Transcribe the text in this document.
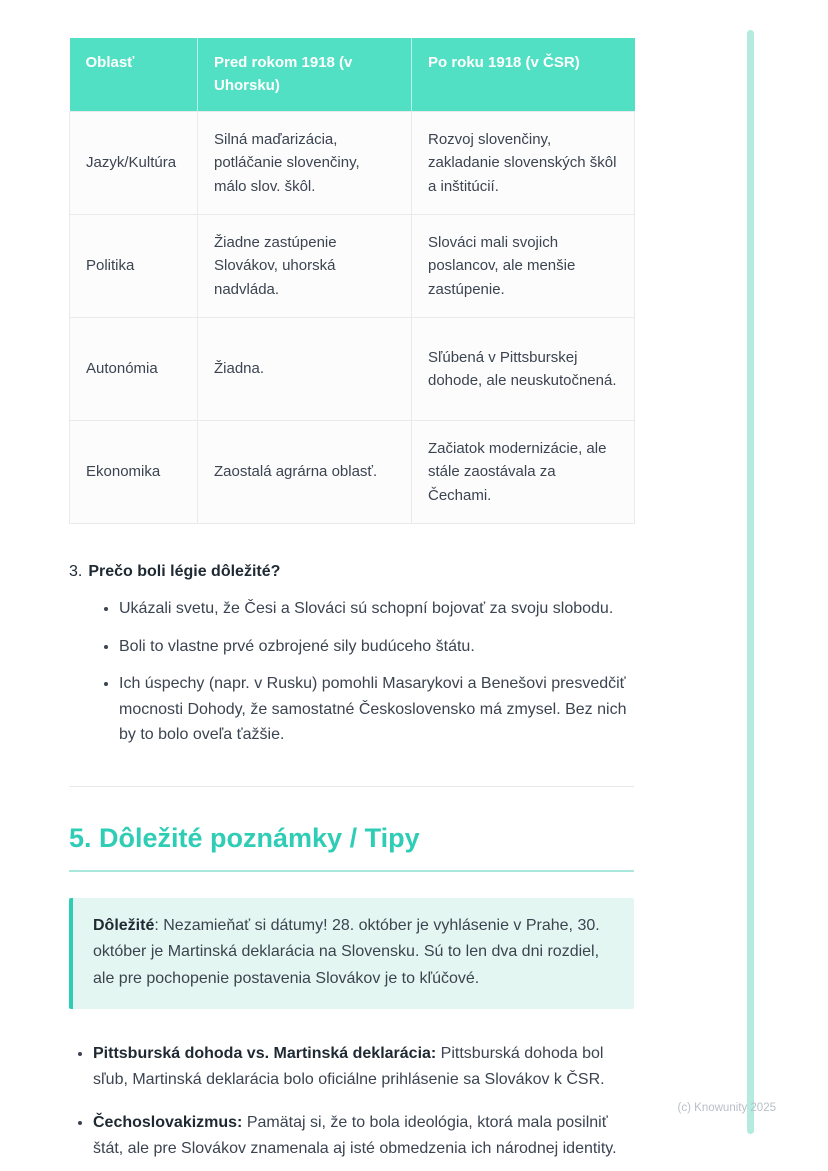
Oblasť	Pred rokom 1918 (v Uhorsku)	Po roku 1918 (v ČSR)
Jazyk/Kultúra	Silná maďarizácia, potláčanie slovenčiny, málo slov. škôl.	Rozvoj slovenčiny, zakladanie slovenských škôl a inštitúcií.
Politika	Žiadne zastúpenie Slovákov, uhorská nadvláda.	Slováci mali svojich poslancov, ale menšie zastúpenie.
Autonómia	Žiadna.	Sľúbená v Pittsburskej dohode, ale neuskutočnená.
Ekonomika	Zaostalá agrárna oblasť.	Začiatok modernizácie, ale stále zaostávala za Čechami.
3. Prečo boli légie dôležité?
• Ukázali svetu, že Česi a Slováci sú schopní bojovať za svoju slobodu.
• Boli to vlastne prvé ozbrojené sily budúceho štátu.
• Ich úspechy (napr. v Rusku) pomohli Masarykovi a Benešovi presvedčiť mocnosti Dohody, že samostatné Československo má zmysel. Bez nich by to bolo oveľa ťažšie.
5. Dôležité poznámky / Tipy
Dôležité: Nezamieňať si dátumy! 28. október je vyhlásenie v Prahe, 30. október je Martinská deklarácia na Slovensku. Sú to len dva dni rozdiel, ale pre pochopenie postavenia Slovákov je to kľúčové.
• Pittsburská dohoda vs. Martinská deklarácia: Pittsburská dohoda bol sľub, Martinská deklarácia bolo oficiálne prihlásenie sa Slovákov k ČSR.
• Čechoslovakizmus: Pamätaj si, že to bola ideológia, ktorá mala posilniť štát, ale pre Slovákov znamenala aj isté obmedzenia ich národnej identity.
(c) Knowunity 2025
